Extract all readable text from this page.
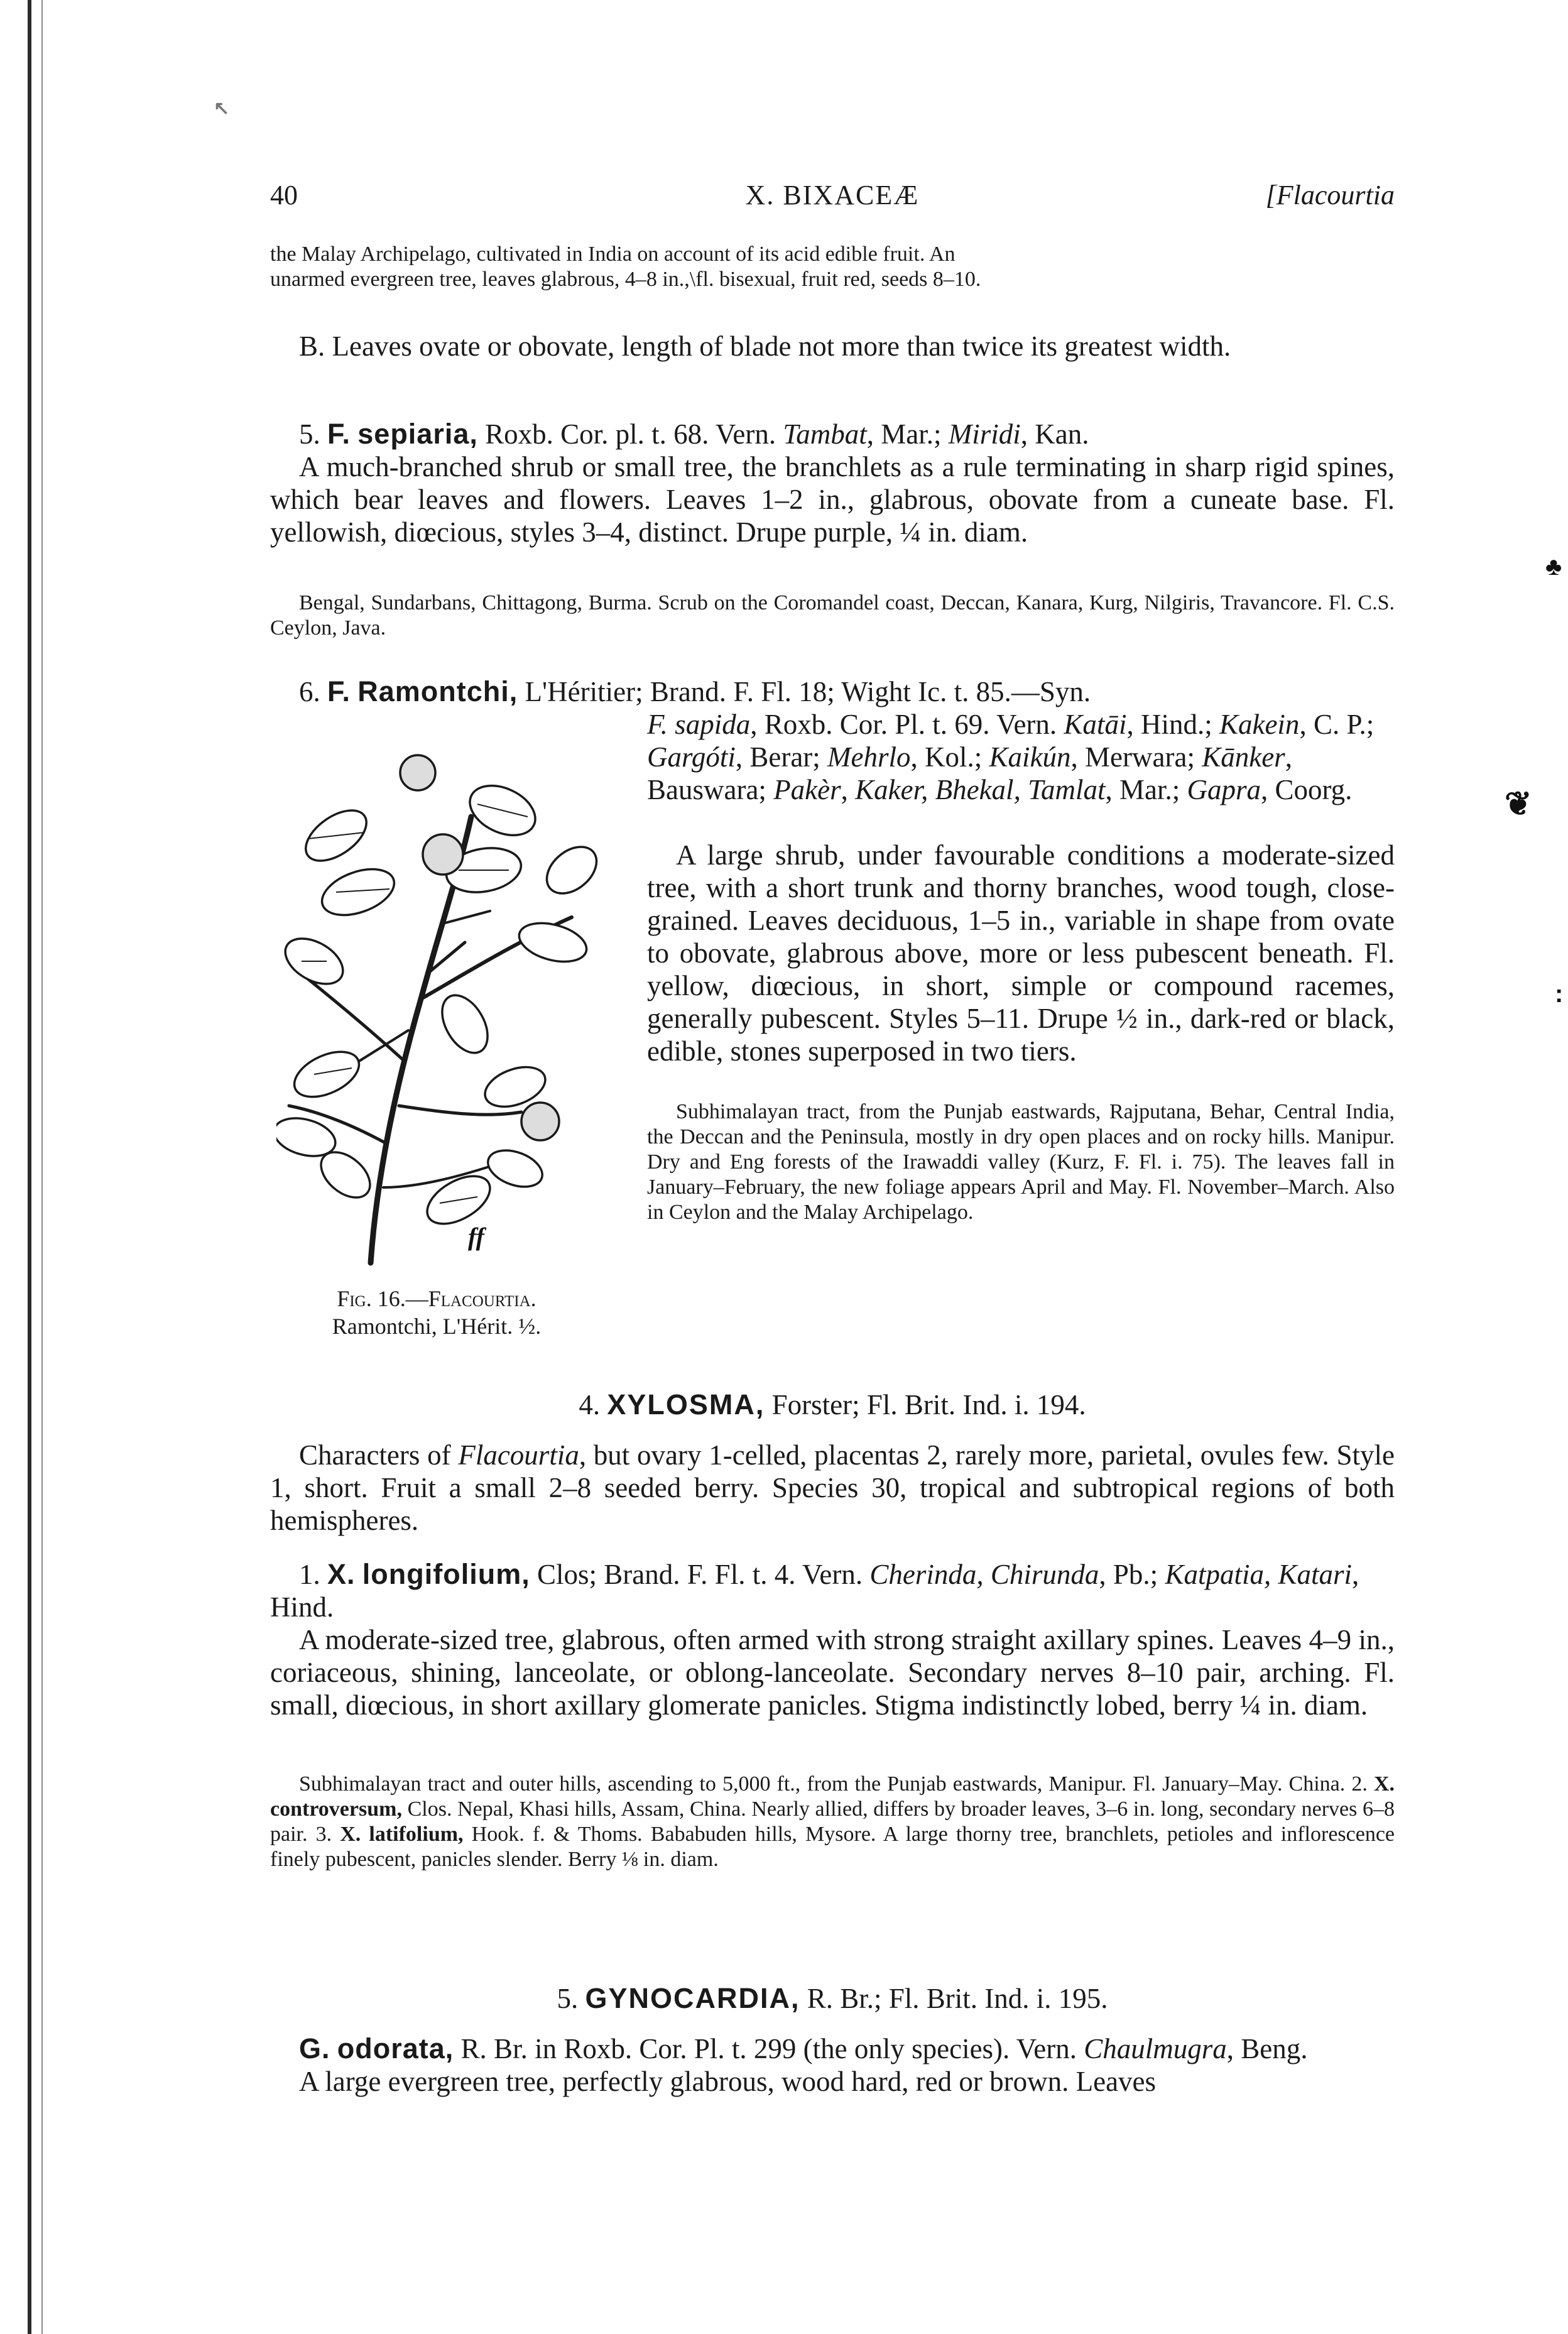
40	X. BIXACEÆ	[Flacourtia

the Malay Archipelago, cultivated in India on account of its acid edible fruit. An

unarmed evergreen tree, leaves glabrous, 4–8 in.,\fl. bisexual, fruit red, seeds 8–10.

B. Leaves ovate or obovate, length of blade not more than twice its greatest width.

5. F. sepiaria, Roxb. Cor. pl. t. 68. Vern. Tambat, Mar.; Miridi, Kan.

A much-branched shrub or small tree, the branchlets as a rule terminating in sharp rigid spines, which bear leaves and flowers. Leaves 1–2 in., glabrous, obovate from a cuneate base. Fl. yellowish, diœcious, styles 3–4, distinct. Drupe purple, ¼ in. diam.

Bengal, Sundarbans, Chittagong, Burma. Scrub on the Coromandel coast, Deccan, Kanara, Kurg, Nilgiris, Travancore. Fl. C.S. Ceylon, Java.

6. F. Ramontchi, L'Héritier; Brand. F. Fl. 18; Wight Ic. t. 85.—Syn.

ff

Fig. 16.—Flacourtia.

Ramontchi, L'Hérit. ½.

F. sapida, Roxb. Cor. Pl. t. 69. Vern. Katāi, Hind.; Kakein, C. P.; Gargóti, Berar; Mehrlo, Kol.; Kaikún, Merwara; Kānker, Bauswara; Pakèr, Kaker, Bhekal, Tamlat, Mar.; Gapra, Coorg.

A large shrub, under favourable conditions a moderate-sized tree, with a short trunk and thorny branches, wood tough, close-grained. Leaves deciduous, 1–5 in., variable in shape from ovate to obovate, glabrous above, more or less pubescent beneath. Fl. yellow, diœcious, in short, simple or compound racemes, generally pubescent. Styles 5–11. Drupe ½ in., dark-red or black, edible, stones superposed in two tiers.
Subhimalayan tract, from the Punjab eastwards, Rajputana, Behar, Central India, the Deccan and the Peninsula, mostly in dry open places and on rocky hills. Manipur. Dry and Eng forests of the Irawaddi valley (Kurz, F. Fl. i. 75). The leaves fall in January–February, the new foliage appears April and May. Fl. November–March. Also in Ceylon and the Malay Archipelago.
4. XYLOSMA, Forster; Fl. Brit. Ind. i. 194.
Characters of Flacourtia, but ovary 1-celled, placentas 2, rarely more, parietal, ovules few. Style 1, short. Fruit a small 2–8 seeded berry. Species 30, tropical and subtropical regions of both hemispheres.

1. X. longifolium, Clos; Brand. F. Fl. t. 4. Vern. Cherinda, Chirunda, Pb.; Katpatia, Katari, Hind.

A moderate-sized tree, glabrous, often armed with strong straight axillary spines. Leaves 4–9 in., coriaceous, shining, lanceolate, or oblong-lanceolate. Secondary nerves 8–10 pair, arching. Fl. small, diœcious, in short axillary glomerate panicles. Stigma indistinctly lobed, berry ¼ in. diam.

Subhimalayan tract and outer hills, ascending to 5,000 ft., from the Punjab eastwards, Manipur. Fl. January–May. China. 2. X. controversum, Clos. Nepal, Khasi hills, Assam, China. Nearly allied, differs by broader leaves, 3–6 in. long, secondary nerves 6–8 pair. 3. X. latifolium, Hook. f. & Thoms. Bababuden hills, Mysore. A large thorny tree, branchlets, petioles and inflorescence finely pubescent, panicles slender. Berry ⅛ in. diam.
5. GYNOCARDIA, R. Br.; Fl. Brit. Ind. i. 195.

G. odorata, R. Br. in Roxb. Cor. Pl. t. 299 (the only species). Vern. Chaulmugra, Beng.

A large evergreen tree, perfectly glabrous, wood hard, red or brown. Leaves

↖
♣
❦
:
